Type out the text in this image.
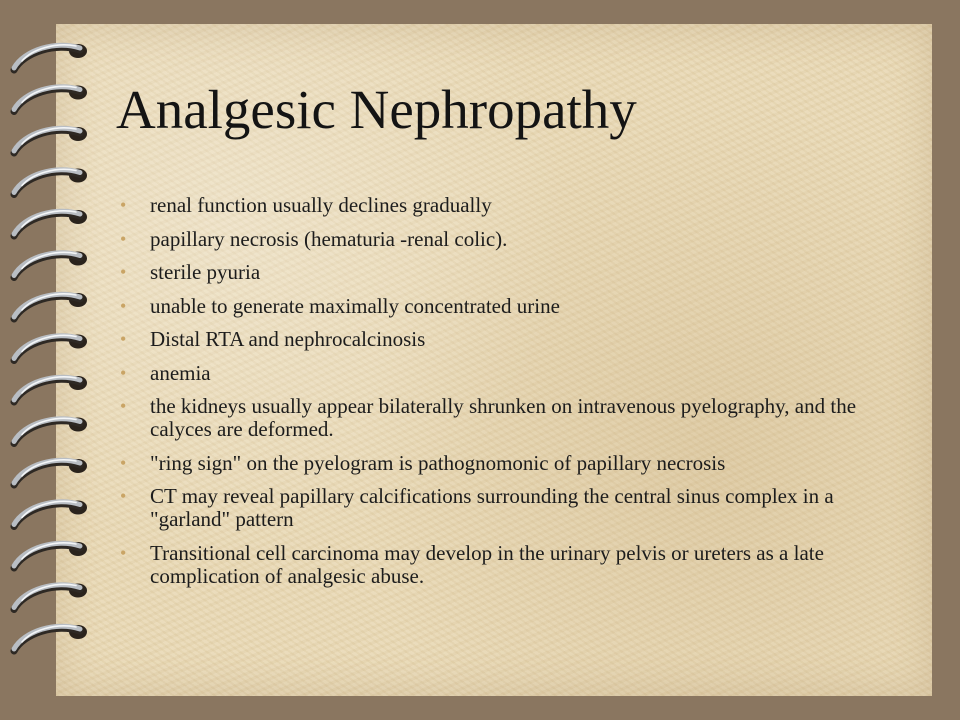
Analgesic Nephropathy
• renal function usually declines gradually
• papillary necrosis (hematuria -renal colic).
• sterile pyuria
• unable to generate maximally concentrated urine
• Distal RTA and nephrocalcinosis
• anemia
• the kidneys usually appear bilaterally shrunken on intravenous pyelography, and the calyces are deformed.
• "ring sign" on the pyelogram is pathognomonic of papillary necrosis
• CT may reveal papillary calcifications surrounding the central sinus complex in a "garland" pattern
• Transitional cell carcinoma may develop in the urinary pelvis or ureters as a late complication of analgesic abuse.
